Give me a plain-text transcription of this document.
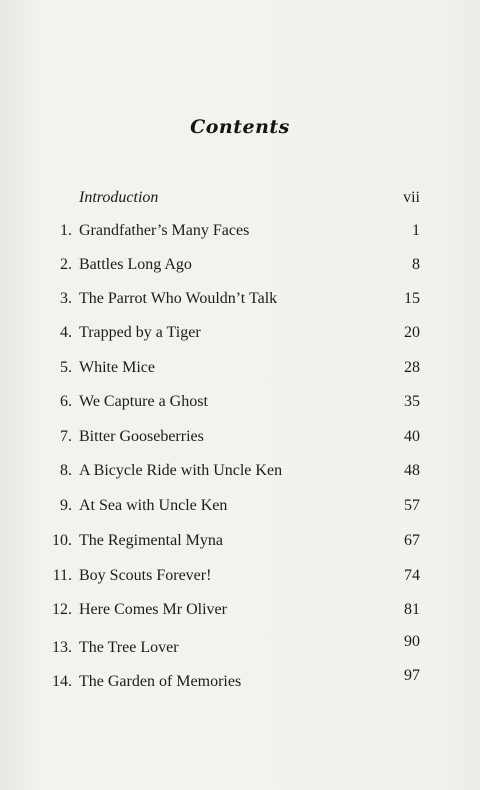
Contents
Introduction	vii
1. Grandfather’s Many Faces	1
2. Battles Long Ago	8
3. The Parrot Who Wouldn’t Talk	15
4. Trapped by a Tiger	20
5. White Mice	28
6. We Capture a Ghost	35
7. Bitter Gooseberries	40
8. A Bicycle Ride with Uncle Ken	48
9. At Sea with Uncle Ken	57
10. The Regimental Myna	67
11. Boy Scouts Forever!	74
12. Here Comes Mr Oliver	81
13. The Tree Lover	90
14. The Garden of Memories	97
